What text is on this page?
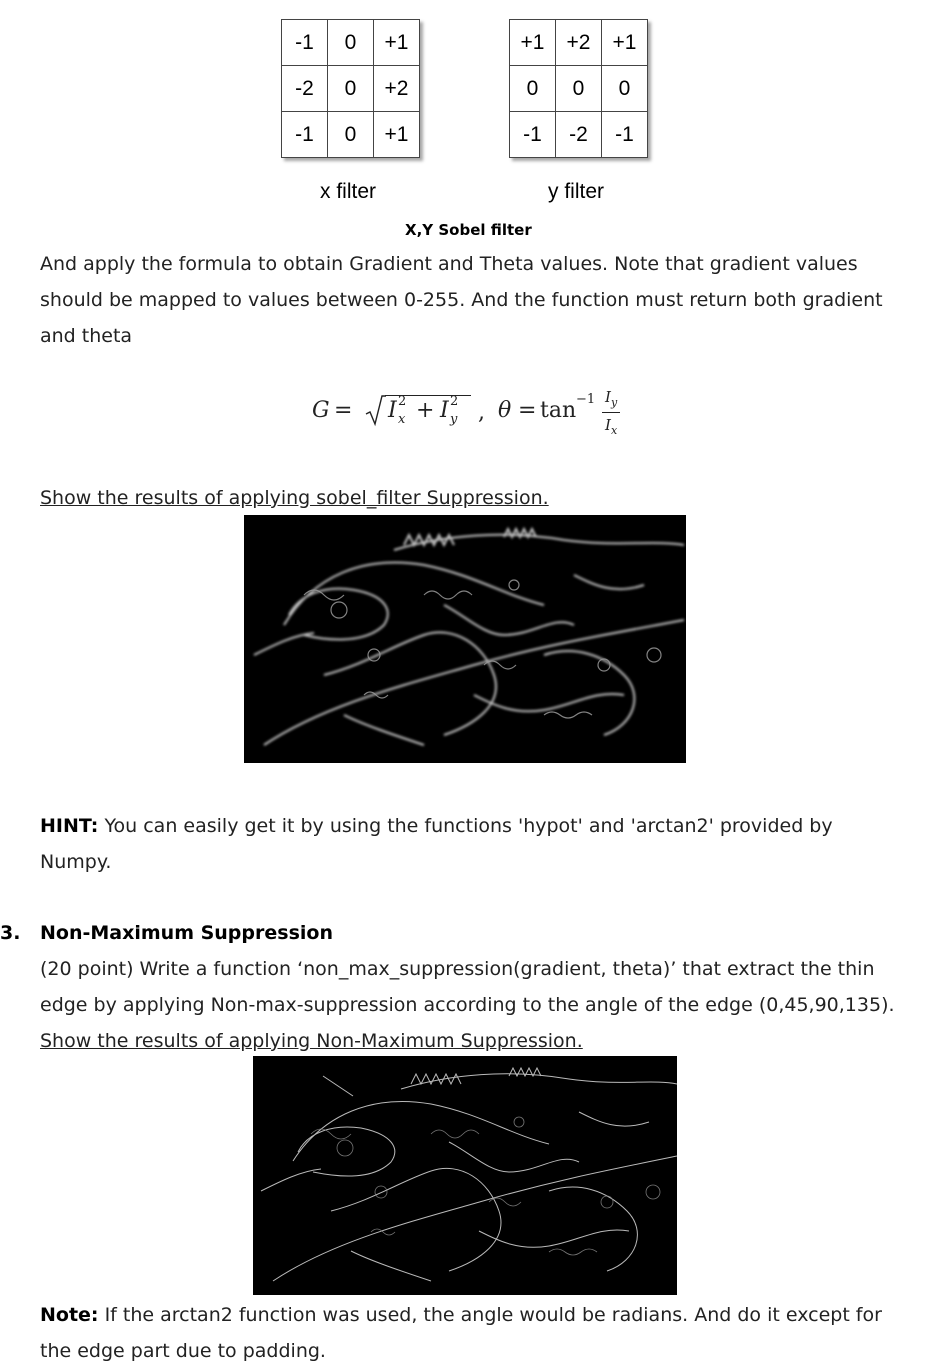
-1	0	+1
-2	0	+2
-1	0	+1
+1	+2	+1
0	0	0
-1	-2	-1
x filter	y filter
X,Y Sobel filter
And apply the formula to obtain Gradient and Theta values. Note that gradient values
should be mapped to values between 0-255. And the function must return both gradient
and theta
G = I 2
x + I 2
y , θ = tan −1 I y
I x
Show the results of applying sobel_filter Suppression.
HINT: You can easily get it by using the functions 'hypot' and 'arctan2' provided by
Numpy.
3. Non-Maximum Suppression
(20 point) Write a function ‘non_max_suppression(gradient, theta)’ that extract the thin
edge by applying Non-max-suppression according to the angle of the edge (0,45,90,135).
Show the results of applying Non-Maximum Suppression.
Note: If the arctan2 function was used, the angle would be radians. And do it except for
the edge part due to padding.
